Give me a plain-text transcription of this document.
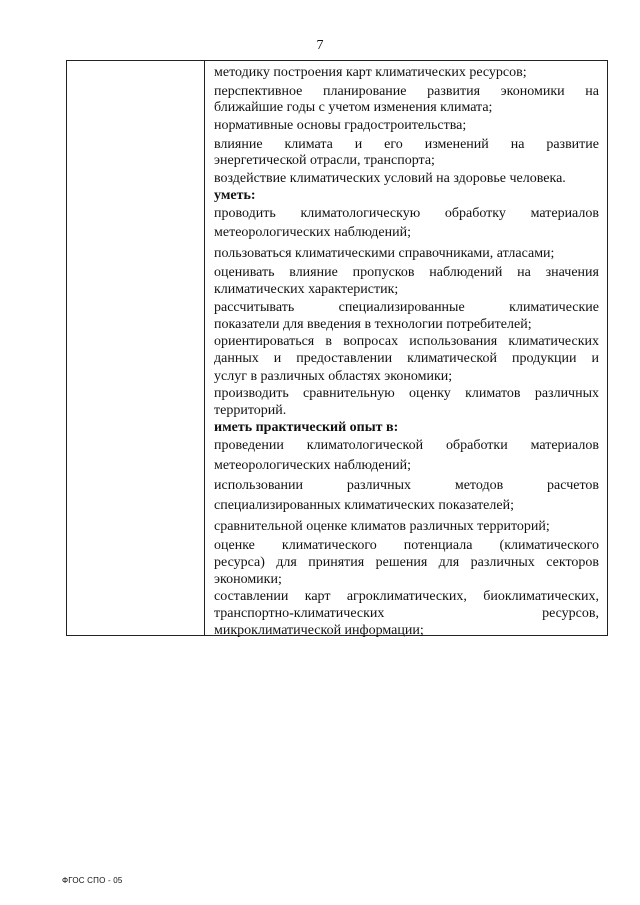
7
методику построения карт климатических ресурсов;
перспективное планирование развития экономики на
ближайшие годы с учетом изменения климата;
нормативные основы градостроительства;
влияние климата и его изменений на развитие
энергетической отрасли, транспорта;
воздействие климатических условий на здоровье человека.
уметь:
проводить климатологическую обработку материалов
метеорологических наблюдений;
пользоваться климатическими справочниками, атласами;
оценивать влияние пропусков наблюдений на значения
климатических характеристик;
рассчитывать специализированные климатические
показатели для введения в технологии потребителей;
ориентироваться в вопросах использования климатических
данных и предоставлении климатической продукции и
услуг в различных областях экономики;
производить сравнительную оценку климатов различных
территорий.
иметь практический опыт в:
проведении климатологической обработки материалов
метеорологических наблюдений;
использовании различных методов расчетов
специализированных климатических показателей;
сравнительной оценке климатов различных территорий;
оценке климатического потенциала (климатического
ресурса) для принятия решения для различных секторов
экономики;
составлении карт агроклиматических, биоклиматических,
транспортно-климатических ресурсов,
микроклиматической информации;
ФГОС СПО - 05
